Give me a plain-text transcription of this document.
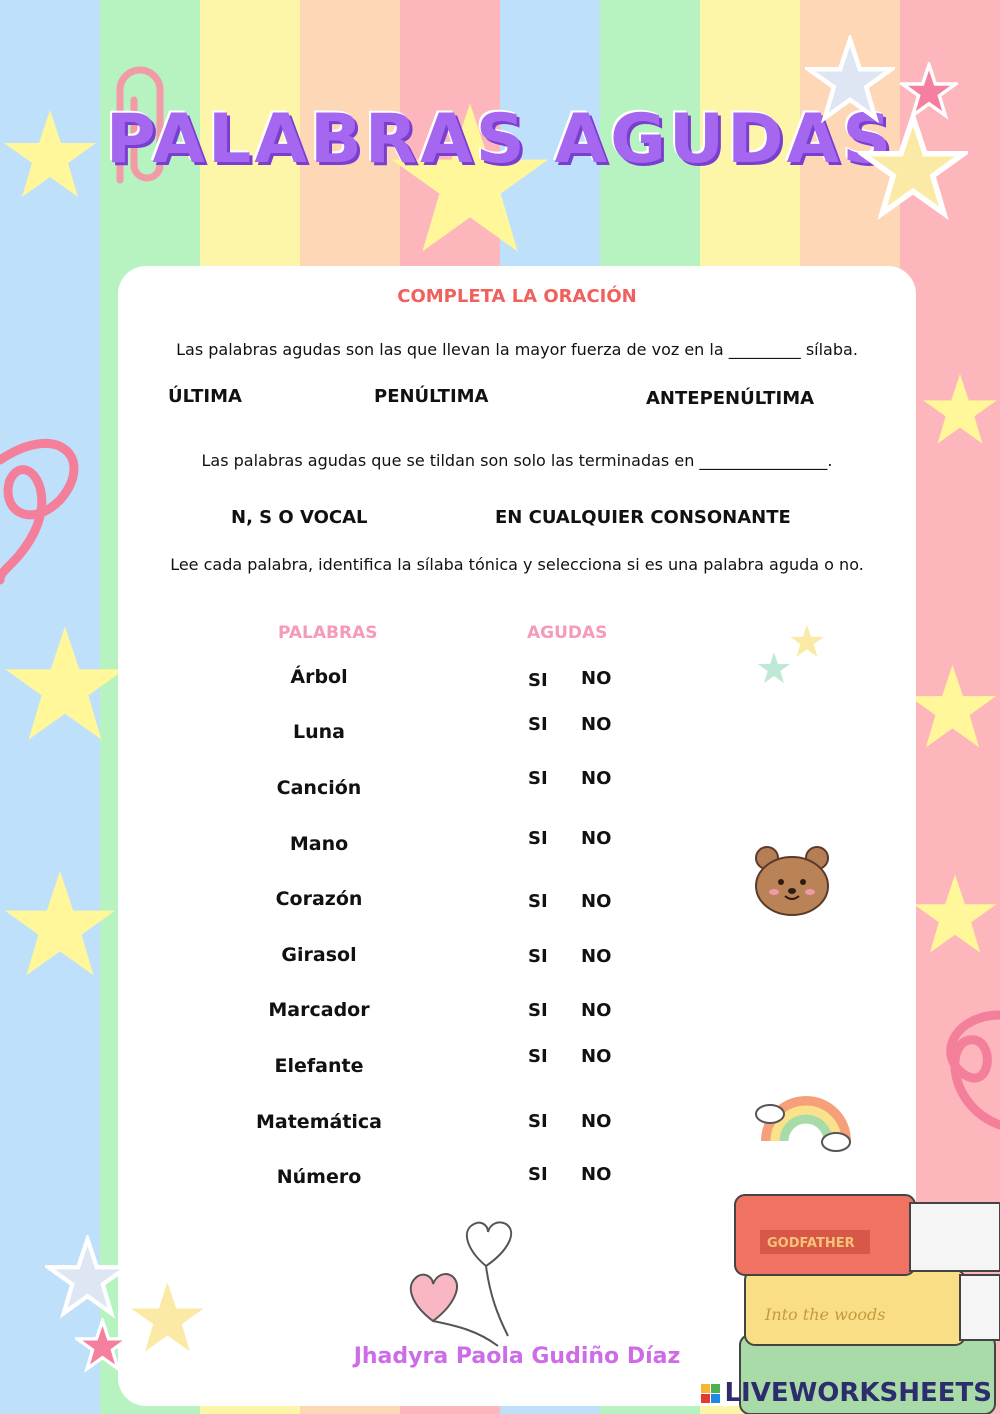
PALABRAS AGUDAS
COMPLETA LA ORACIÓN
Las palabras agudas son las que llevan la mayor fuerza de voz en la _________ sílaba.
ÚLTIMA	PENÚLTIMA	ANTEPENÚLTIMA
Las palabras agudas que se tildan son solo las terminadas en ________________.
N, S O VOCAL	EN CUALQUIER CONSONANTE
Lee cada palabra, identifica la sílaba tónica y selecciona si es una palabra aguda o no.
PALABRAS	AGUDAS
Árbol	SI NO
Luna	SI NO
Canción	SI NO
Mano	SI NO
Corazón	SI NO
Girasol	SI NO
Marcador	SI NO
Elefante	SI NO
Matemática	SI NO
Número	SI NO
Jhadyra Paola Gudiño Díaz
GODFATHER
Into the woods
LIVEWORKSHEETS
